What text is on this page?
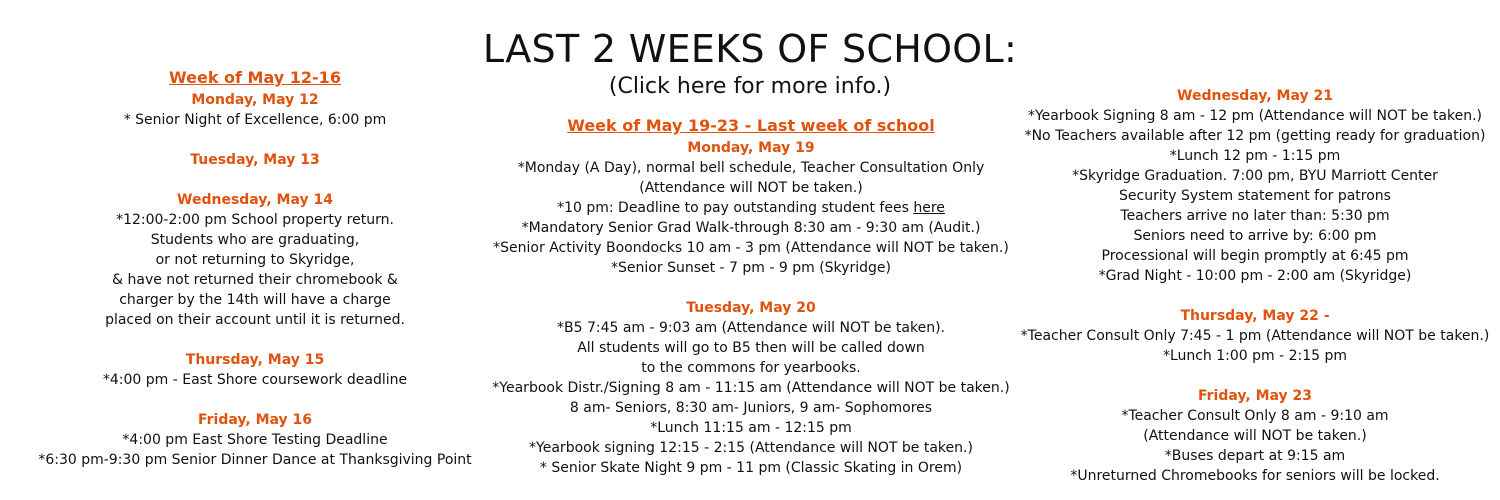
LAST 2 WEEKS OF SCHOOL:
(Click here for more info.)
Week of May 12-16
Monday, May 12
* Senior Night of Excellence, 6:00 pm
Tuesday, May 13
Wednesday, May 14
*12:00-2:00 pm School property return.
Students who are graduating,
or not returning to Skyridge,
& have not returned their chromebook &
charger by the 14th will have a charge
placed on their account until it is returned.
Thursday, May 15
*4:00 pm - East Shore coursework deadline
Friday, May 16
*4:00 pm East Shore Testing Deadline
*6:30 pm-9:30 pm Senior Dinner Dance at Thanksgiving Point
Week of May 19-23 - Last week of school
Monday, May 19
*Monday (A Day), normal bell schedule, Teacher Consultation Only
(Attendance will NOT be taken.)
*10 pm: Deadline to pay outstanding student fees here
*Mandatory Senior Grad Walk-through 8:30 am - 9:30 am (Audit.)
*Senior Activity Boondocks 10 am - 3 pm (Attendance will NOT be taken.)
*Senior Sunset - 7 pm - 9 pm (Skyridge)
Tuesday, May 20
*B5 7:45 am - 9:03 am (Attendance will NOT be taken).
All students will go to B5 then will be called down
to the commons for yearbooks.
*Yearbook Distr./Signing 8 am - 11:15 am (Attendance will NOT be taken.)
8 am- Seniors, 8:30 am- Juniors, 9 am- Sophomores
*Lunch 11:15 am - 12:15 pm
*Yearbook signing 12:15 - 2:15 (Attendance will NOT be taken.)
* Senior Skate Night 9 pm - 11 pm (Classic Skating in Orem)
Wednesday, May 21
*Yearbook Signing 8 am - 12 pm (Attendance will NOT be taken.)
*No Teachers available after 12 pm (getting ready for graduation)
*Lunch 12 pm - 1:15 pm
*Skyridge Graduation. 7:00 pm, BYU Marriott Center
Security System statement for patrons
Teachers arrive no later than: 5:30 pm
Seniors need to arrive by: 6:00 pm
Processional will begin promptly at 6:45 pm
*Grad Night - 10:00 pm - 2:00 am (Skyridge)
Thursday, May 22 -
*Teacher Consult Only 7:45 - 1 pm (Attendance will NOT be taken.)
*Lunch 1:00 pm - 2:15 pm
Friday, May 23
*Teacher Consult Only 8 am - 9:10 am
(Attendance will NOT be taken.)
*Buses depart at 9:15 am
*Unreturned Chromebooks for seniors will be locked.
